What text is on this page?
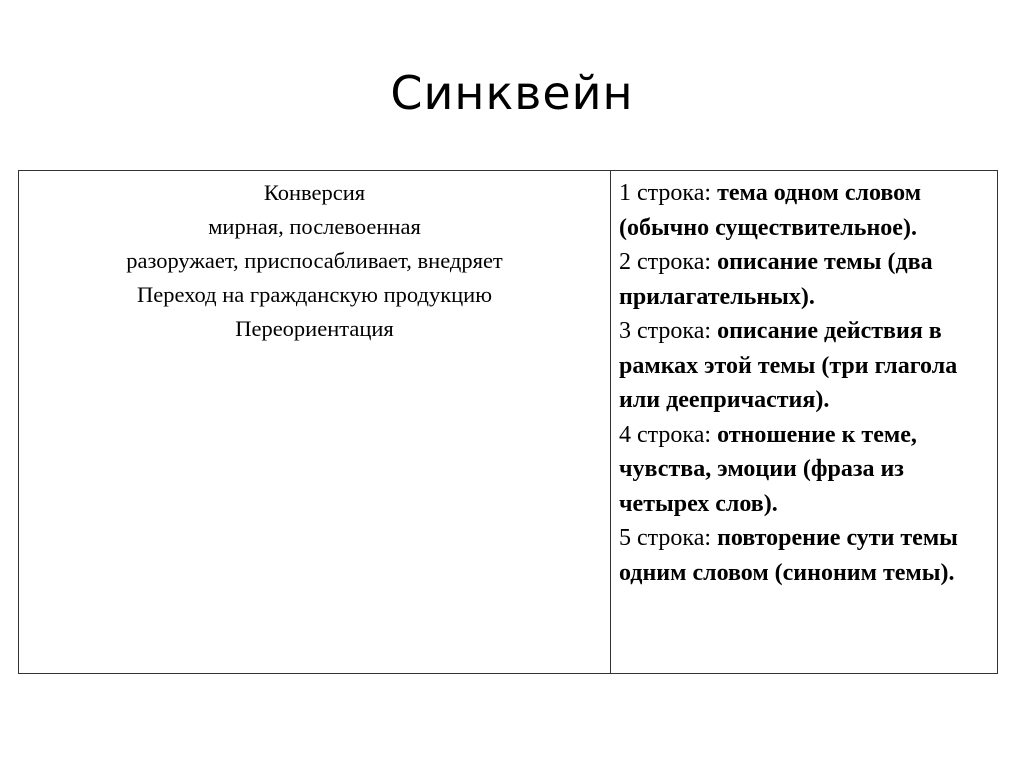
Синквейн
Конверсия
мирная, послевоенная
разоружает, приспосабливает, внедряет
Переход на гражданскую продукцию
Переориентация
1 строка: тема одном словом (обычно существительное).
2 строка: описание темы (два прилагательных).
3 строка: описание действия в рамках этой темы (три глагола или деепричастия).
4 строка: отношение к теме, чувства, эмоции (фраза из четырех слов).
5 строка: повторение сути темы одним словом (синоним темы).
